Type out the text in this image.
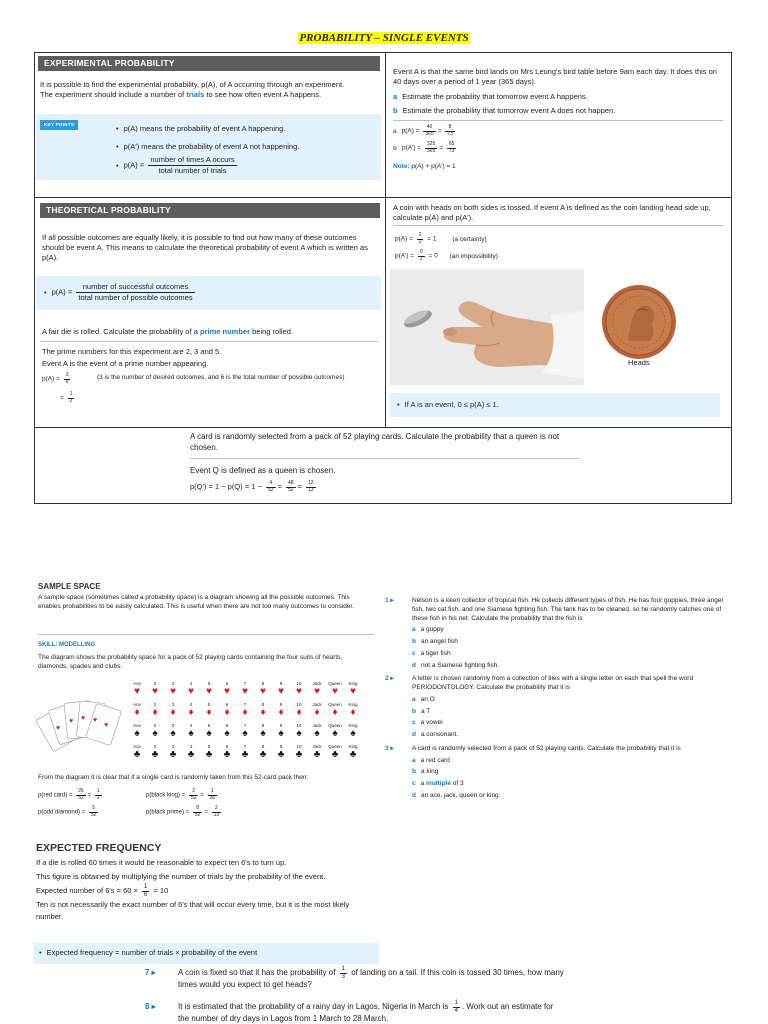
PROBABILITY – SINGLE EVENTS
EXPERIMENTAL PROBABILITY
It is possible to find the experimental probability, p(A), of A occurring through an experiment.
The experiment should include a number of trials to see how often event A happens.
KEY POINTS
•	p(A) means the probability of event A happening.
• p(A′) means the probability of event A not happening.
• $p(A) = \frac{\text{number of times A occurs}}{\text{total number of trials}}$
Event A is that the same bird lands on Mrs Leung's bird table before 9am each day. It does this on 40 days over a period of 1 year (365 days).
a Estimate the probability that tomorrow event A happens.
b Estimate the probability that tomorrow event A does not happen.
a $p(A) = \frac{40}{365} = \frac{8}{73}$
b $p(A') = \frac{325}{365} = \frac{65}{73}$
Note: p(A) + p(A′) = 1
THEORETICAL PROBABILITY
If all possible outcomes are equally likely, it is possible to find out how many of these outcomes should be event A. This means to calculate the theoretical probability of event A which is written as p(A).
• $p(A) = \frac{\text{number of successful outcomes}}{\text{total number of possible outcomes}}$
A fair die is rolled. Calculate the probability of a prime number being rolled.
The prime numbers for this experiment are 2, 3 and 5.
Event A is the event of a prime number appearing.
$p(A) = \frac{3}{6}$	(3 is the number of desired outcomes, and 6 is the total number of possible outcomes)
= $\frac{1}{2}$
A coin with heads on both sides is tossed. If event A is defined as the coin landing head side up, calculate p(A) and p(A′).
$p(A) = \frac{2}{2} = 1$ (a certainty)
$p(A') = \frac{0}{2} = 0$ (an impossibility)
Heads
• If A is an event, 0 ≤ p(A) ≤ 1.
A card is randomly selected from a pack of 52 playing cards. Calculate the probability that a queen is not chosen.
Event Q is defined as a queen is chosen.
$p(Q') = 1 - p(Q) = 1 - \frac{4}{52} = \frac{48}{52} = \frac{12}{13}$
SAMPLE SPACE
A sample space (sometimes called a probability space) is a diagram showing all the possible outcomes. This enables probabilities to be easily calculated. This is useful when there are not too many outcomes to consider.
SKILL: MODELLING
The diagram shows the probability space for a pack of 52 playing cards containing the four suits of hearts, diamonds, spades and clubs.
♥
♥ ♥ ♥
♥
Ace	2	3	4	5	6	7	8	9	10	Jack	Queen	King
♥	♥	♥	♥	♥	♥	♥	♥	♥	♥	♥	♥	♥
Ace	2	3	4	5	6	7	8	9	10	Jack	Queen	King
♦	♦	♦	♦	♦	♦	♦	♦	♦	♦	♦	♦	♦
Ace	2	3	4	5	6	7	8	9	10	Jack	Queen	King
♠	♠	♠	♠	♠	♠	♠	♠	♠	♠	♠	♠	♠
Ace	2	3	4	5	6	7	8	9	10	Jack	Queen	King
♣	♣	♣	♣	♣	♣	♣	♣	♣	♣	♣	♣	♣
From the diagram it is clear that if a single card is randomly taken from this 52-card pack then:
p(red card) = $\frac{26}{52} = \frac{1}{2}$	p(black king) = $\frac{2}{52} = \frac{1}{26}$
p(odd diamond) = $\frac{5}{52}$	p(black prime) = $\frac{8}{52} = \frac{2}{13}$
EXPECTED FREQUENCY
If a die is rolled 60 times it would be reasonable to expect ten 6's to turn up.
This figure is obtained by multiplying the number of trials by the probability of the event.
Expected number of $6's = 60 \times \frac{1}{6} = 10$
Ten is not necessarily the exact number of 6's that will occur every time, but it is the most likely number.
• Expected frequency = number of trials × probability of the event
1 ▸	Nelson is a keen collector of tropical fish. He collects different types of fish. He has four guppies, three angel fish, two cat fish, and one Siamese fighting fish. The tank has to be cleaned, so he randomly catches one of these fish in his net. Calculate the probability that the fish is
a a guppy
b an angel fish
c a tiger fish
d not a Siamese fighting fish.
2 ▸	A letter is chosen randomly from a collection of tiles with a single letter on each that spell the word PERIODONTOLOGY. Calculate the probability that it is
a an O
b a T
c a vowel
d a consonant.
3 ▸	A card is randomly selected from a pack of 52 playing cards. Calculate the probability that it is
a a red card
b a king
c a multiple of 3
d an ace, jack, queen or king.
7 ▸	A coin is fixed so that it has the probability of $\frac{1}{3}$ of landing on a tail. If this coin is tossed 30 times, how many times would you expect to get heads?
8 ▸	It is estimated that the probability of a rainy day in Lagos, Nigeria in March is $\frac{1}{4}$ . Work out an estimate for the number of dry days in Lagos from 1 March to 28 March.
